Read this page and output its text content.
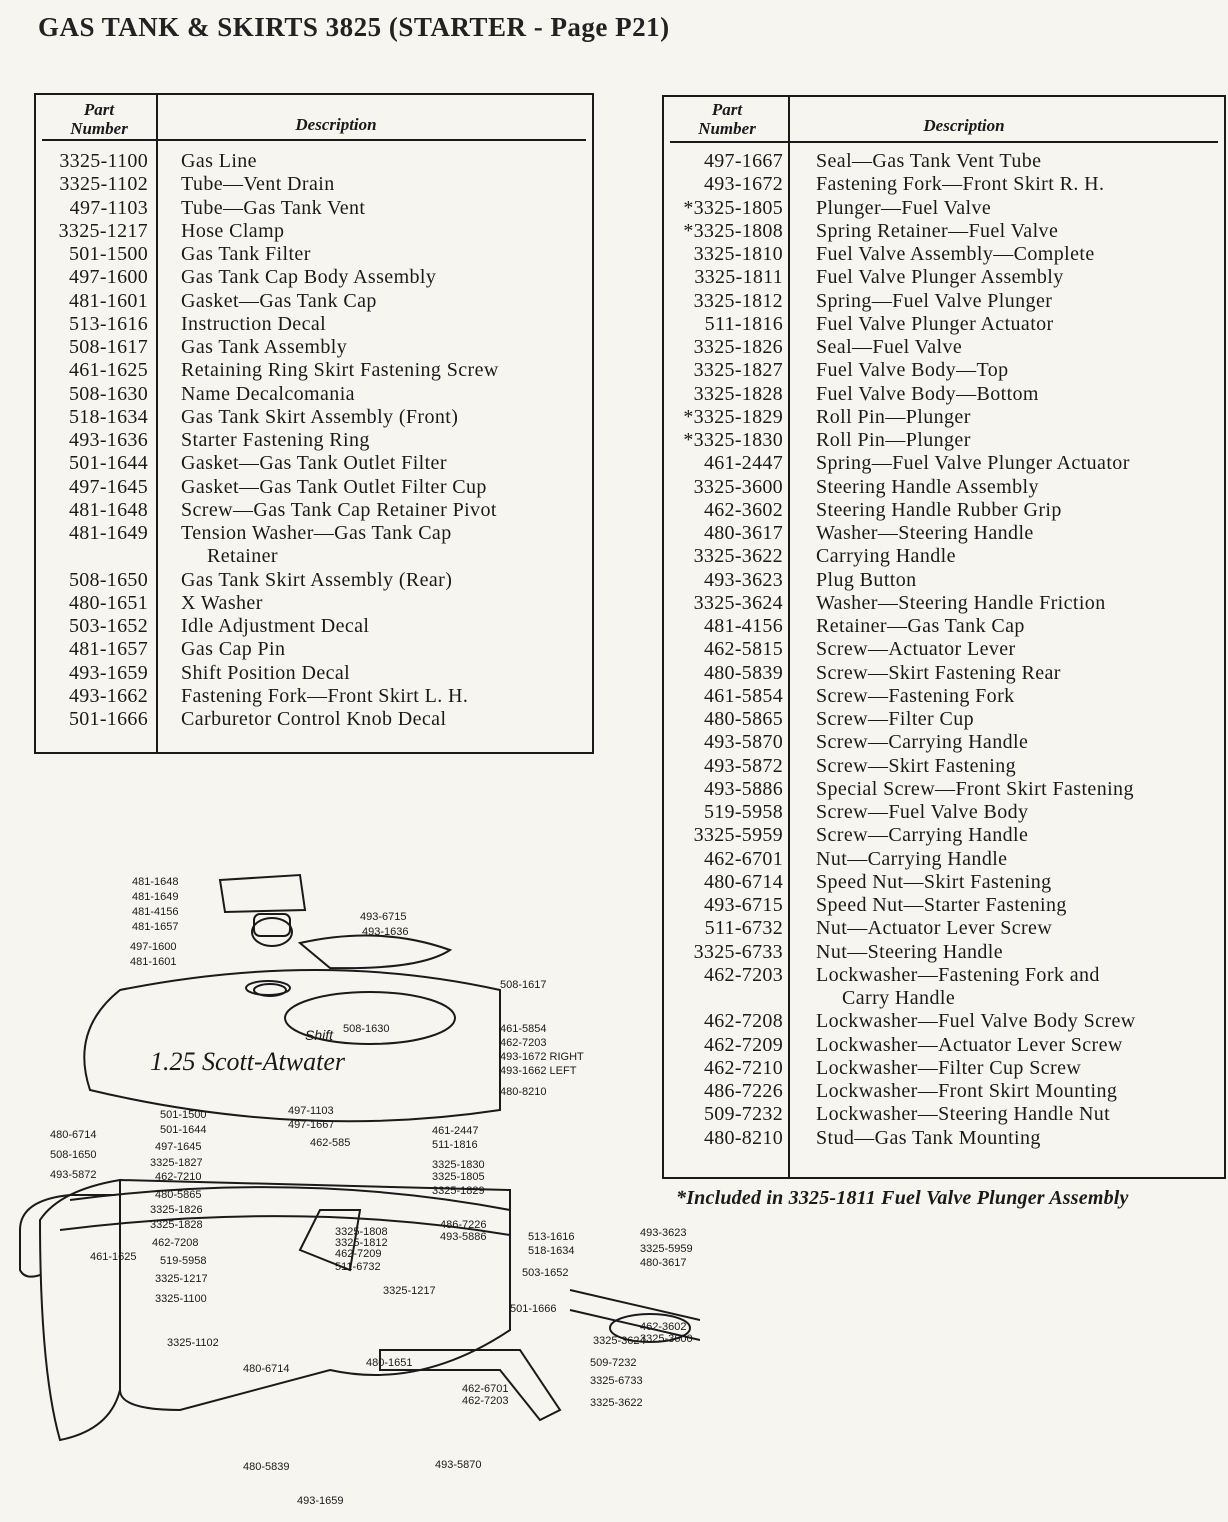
GAS TANK & SKIRTS 3825 (STARTER - Page P21)
Part Number	Description
3325-1100 Gas Line
3325-1102 Tube—Vent Drain
497-1103 Tube—Gas Tank Vent
3325-1217 Hose Clamp
501-1500 Gas Tank Filter
497-1600 Gas Tank Cap Body Assembly
481-1601 Gasket—Gas Tank Cap
513-1616 Instruction Decal
508-1617 Gas Tank Assembly
461-1625 Retaining Ring Skirt Fastening Screw
508-1630 Name Decalcomania
518-1634 Gas Tank Skirt Assembly (Front)
493-1636 Starter Fastening Ring
501-1644 Gasket—Gas Tank Outlet Filter
497-1645 Gasket—Gas Tank Outlet Filter Cup
481-1648 Screw—Gas Tank Cap Retainer Pivot
481-1649 Tension Washer—Gas Tank Cap
Retainer
508-1650 Gas Tank Skirt Assembly (Rear)
480-1651 X Washer
503-1652 Idle Adjustment Decal
481-1657 Gas Cap Pin
493-1659 Shift Position Decal
493-1662 Fastening Fork—Front Skirt L. H.
501-1666 Carburetor Control Knob Decal
Part Number	Description
497-1667 Seal—Gas Tank Vent Tube
493-1672 Fastening Fork—Front Skirt R. H.
*3325-1805 Plunger—Fuel Valve
*3325-1808 Spring Retainer—Fuel Valve
3325-1810 Fuel Valve Assembly—Complete
3325-1811 Fuel Valve Plunger Assembly
3325-1812 Spring—Fuel Valve Plunger
511-1816 Fuel Valve Plunger Actuator
3325-1826 Seal—Fuel Valve
3325-1827 Fuel Valve Body—Top
3325-1828 Fuel Valve Body—Bottom
*3325-1829 Roll Pin—Plunger
*3325-1830 Roll Pin—Plunger
461-2447 Spring—Fuel Valve Plunger Actuator
3325-3600 Steering Handle Assembly
462-3602 Steering Handle Rubber Grip
480-3617 Washer—Steering Handle
3325-3622 Carrying Handle
493-3623 Plug Button
3325-3624 Washer—Steering Handle Friction
481-4156 Retainer—Gas Tank Cap
462-5815 Screw—Actuator Lever
480-5839 Screw—Skirt Fastening Rear
461-5854 Screw—Fastening Fork
480-5865 Screw—Filter Cup
493-5870 Screw—Carrying Handle
493-5872 Screw—Skirt Fastening
493-5886 Special Screw—Front Skirt Fastening
519-5958 Screw—Fuel Valve Body
3325-5959 Screw—Carrying Handle
462-6701 Nut—Carrying Handle
480-6714 Speed Nut—Skirt Fastening
493-6715 Speed Nut—Starter Fastening
511-6732 Nut—Actuator Lever Screw
3325-6733 Nut—Steering Handle
462-7203 Lockwasher—Fastening Fork and
Carry Handle
462-7208 Lockwasher—Fuel Valve Body Screw
462-7209 Lockwasher—Actuator Lever Screw
462-7210 Lockwasher—Filter Cup Screw
486-7226 Lockwasher—Front Skirt Mounting
509-7232 Lockwasher—Steering Handle Nut
480-8210 Stud—Gas Tank Mounting
*Included in 3325-1811 Fuel Valve Plunger Assembly
1.25 Scott-Atwater
Shift
481-1648
481-1649
481-4156
481-1657
497-1600
481-1601
493-6715
493-1636
508-1617
508-1630	461-5854
462-7203
493-1672 RIGHT
493-1662 LEFT
480-8210
501-1500	497-1103
501-1644	497-1667
462-585
461-2447
511-1816
480-6714
497-1645
508-1650
3325-1827	3325-1830
462-7210	3325-1805
493-5872
3325-1829
480-5865
3325-1826
3325-1828
3325-1808
3325-1812
462-7209
511-6732
486-7226
493-5886	513-1616
518-1634
462-7208
461-1625 519-5958
493-3623
3325-5959
480-3617
503-1652
3325-1217
3325-1217
3325-1100
501-1666
462-3602
3325-3600
3325-1102	3325-3624
480-6714	480-1651	509-7232
462-6701
3325-6733
462-7203	3325-3622
480-5839	493-5870
493-1659
